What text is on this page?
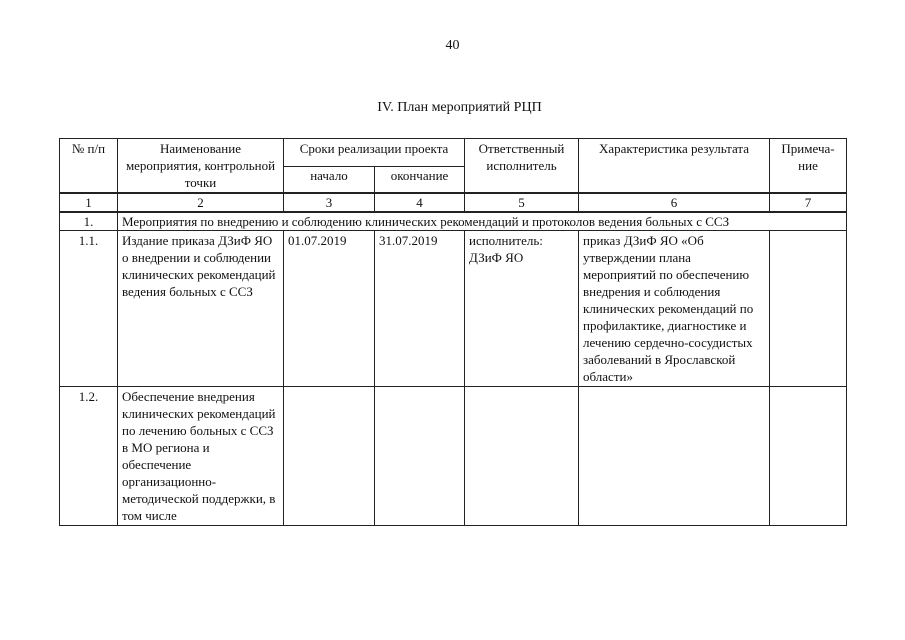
40
IV. План мероприятий РЦП
№ п/п	Наименование мероприятия, контрольной точки	Сроки реализации проекта		Ответственный исполнитель	Характеристика результата	Примеча-ние
		начало	окончание			
1	2	3	4	5	6	7
1.	Мероприятия по внедрению и соблюдению клинических рекомендаций и протоколов ведения больных с ССЗ					
1.1.	Издание приказа ДЗиФ ЯО о внедрении и соблюдении клинических рекомендаций ведения больных с ССЗ	01.07.2019	31.07.2019	исполнитель: ДЗиФ ЯО	приказ ДЗиФ ЯО «Об утверждении плана мероприятий по обеспечению внедрения и соблюдения клинических рекомендаций по профилактике, диагностике и лечению сердечно-сосудистых заболеваний в Ярославской области»	
1.2.	Обеспечение внедрения клинических рекомендаций по лечению больных с ССЗ в МО региона и обеспечение организационно-методической поддержки, в том числе					
